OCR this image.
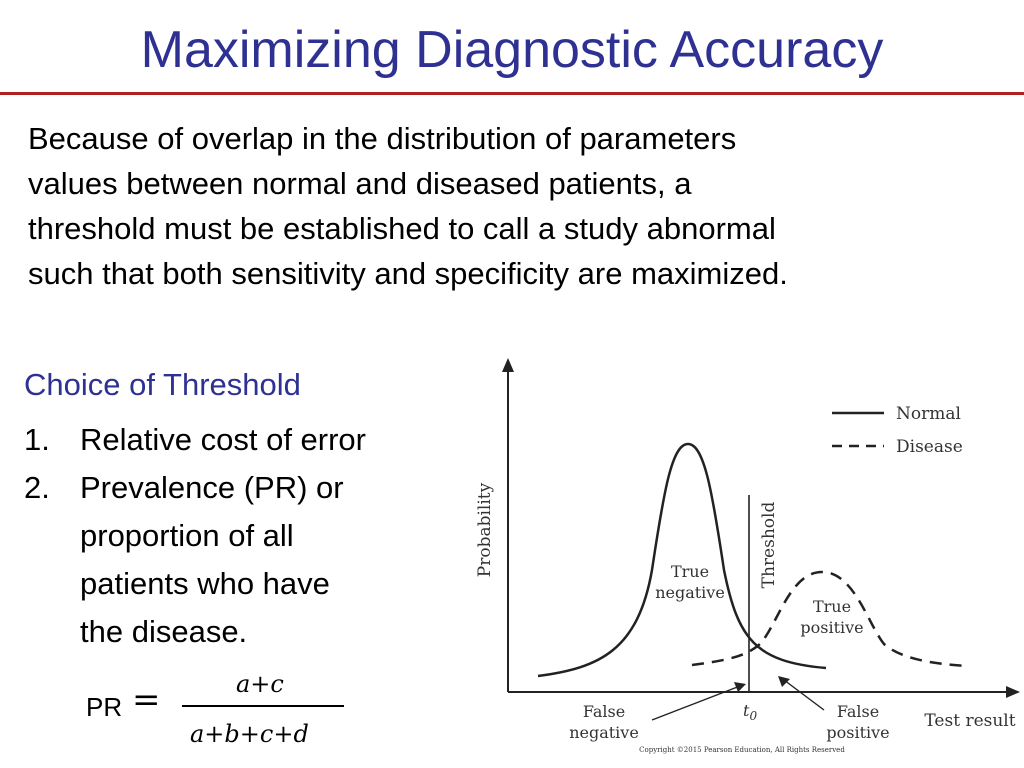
Maximizing Diagnostic Accuracy
Because of overlap in the distribution of parameters
values between normal and diseased patients, a
threshold must be established to call a study abnormal
such that both sensitivity and specificity are maximized.
Choice of Threshold
1. Relative cost of error
2. Prevalence (PR) or
proportion of all
patients who have
the disease.
PR =	a+c
a+b+c+d
Probability
Test result
Normal
Disease
Threshold
$t_0$
True negative
True positive
False negative
False positive
Copyright ©2015 Pearson Education, All Rights Reserved
